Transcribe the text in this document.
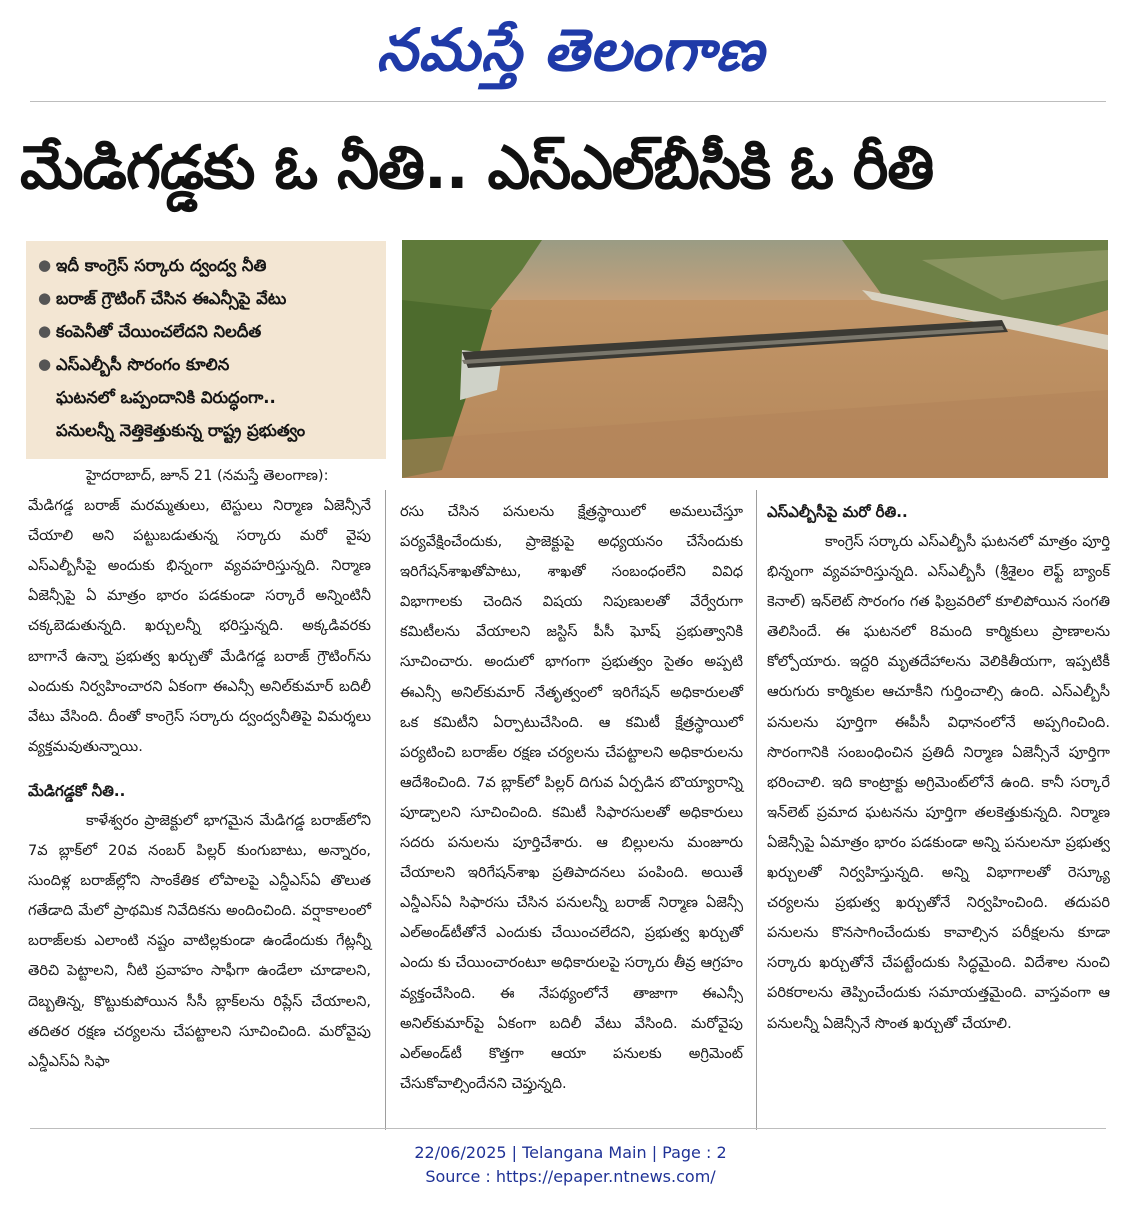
నమస్తే తెలంగాణ
మేడిగడ్డకు ఓ నీతి.. ఎస్‌ఎల్‌బీసీకి ఓ రీతి
● ఇదీ కాంగ్రెస్ సర్కారు ద్వంద్వ నీతి
● బరాజ్ గ్రౌటింగ్ చేసిన ఈఎన్సీపై వేటు
● కంపెనీతో చేయించలేదని నిలదీత
● ఎస్ఎల్బీసీ సొరంగం కూలిన
ఘటనలో ఒప్పందానికి విరుద్ధంగా..
పనులన్నీ నెత్తికెత్తుకున్న రాష్ట్ర ప్రభుత్వం

హైదరాబాద్, జూన్ 21 (నమస్తే తెలంగాణ):

మేడిగడ్డ బరాజ్ మరమ్మతులు, టెస్టులు నిర్మాణ ఏజెన్సీనే చేయాలి అని పట్టుబడుతున్న సర్కారు మరో వైపు ఎస్ఎల్బీసీపై అందుకు భిన్నంగా వ్యవహరిస్తున్నది. నిర్మాణ ఏజెన్సీపై ఏ మాత్రం భారం పడకుండా సర్కారే అన్నింటినీ చక్కబెడుతున్నది. ఖర్చులన్నీ భరిస్తున్నది. అక్కడివరకు బాగానే ఉన్నా ప్రభుత్వ ఖర్చుతో మేడిగడ్డ బరాజ్ గ్రౌటింగ్‌ను ఎందుకు నిర్వహించారని ఏకంగా ఈఎన్సీ అనిల్‌కుమార్ బదిలీ వేటు వేసింది. దీంతో కాంగ్రెస్ సర్కారు ద్వంద్వనీతిపై విమర్శలు వ్యక్తమవుతున్నాయి.

మేడిగడ్డకో నీతి..

కాళేశ్వరం ప్రాజెక్టులో భాగమైన మేడిగడ్డ బరాజ్‌లోని 7వ బ్లాక్‌లో 20వ నంబర్ పిల్లర్ కుంగుబాటు, అన్నారం, సుందిళ్ల బరాజ్‌ల్లోని సాంకేతిక లోపాలపై ఎన్డీఎస్ఏ తొలుత గతేడాది మేలో ప్రాథమిక నివేదికను అందించింది. వర్షాకాలంలో బరాజ్‌లకు ఎలాంటి నష్టం వాటిల్లకుండా ఉండేందుకు గేట్లన్నీ తెరిచి పెట్టాలని, నీటి ప్రవాహం సాఫీగా ఉండేలా చూడాలని, దెబ్బతిన్న, కొట్టుకుపోయిన సీసీ బ్లాక్‌లను రిప్లేస్ చేయాలని, తదితర రక్షణ చర్యలను చేపట్టాలని సూచించింది. మరోవైపు ఎన్డీఎస్ఏ సిఫా

రసు చేసిన పనులను క్షేత్రస్థాయిలో అమలుచేస్తూ పర్యవేక్షించేందుకు, ప్రాజెక్టుపై అధ్యయనం చేసేందుకు ఇరిగేషన్‌శాఖతోపాటు, శాఖతో సంబంధంలేని వివిధ విభాగాలకు చెందిన విషయ నిపుణులతో వేర్వేరుగా కమిటీలను వేయాలని జస్టిస్ పీసీ ఘోష్ ప్రభుత్వానికి సూచించారు. అందులో భాగంగా ప్రభుత్వం సైతం అప్పటి ఈఎన్సీ అనిల్‌కుమార్ నేతృత్వంలో ఇరిగేషన్ అధికారులతో ఒక కమిటీని ఏర్పాటుచేసింది. ఆ కమిటీ క్షేత్రస్థాయిలో పర్యటించి బరాజ్‌ల రక్షణ చర్యలను చేపట్టాలని అధికారులను ఆదేశించింది. 7వ బ్లాక్‌లో పిల్లర్ దిగువ ఏర్పడిన బొయ్యారాన్ని పూడ్చాలని సూచించింది. కమిటీ సిఫారసులతో అధికారులు సదరు పనులను పూర్తిచేశారు. ఆ బిల్లులను మంజూరు చేయాలని ఇరిగేషన్‌శాఖ ప్రతిపాదనలు పంపింది. అయితే ఎన్డీఎస్ఏ సిఫారసు చేసిన పనులన్నీ బరాజ్ నిర్మాణ ఏజెన్సీ ఎల్అండ్‌టీతోనే ఎందుకు చేయించలేదని, ప్రభుత్వ ఖర్చుతో ఎందు కు చేయించారంటూ అధికారులపై సర్కారు తీవ్ర ఆగ్రహం వ్యక్తంచేసింది. ఈ నేపథ్యంలోనే తాజాగా ఈఎన్సీ అనిల్‌కుమార్‌పై ఏకంగా బదిలీ వేటు వేసింది. మరోవైపు ఎల్అండ్‌టీ కొత్తగా ఆయా పనులకు అగ్రిమెంట్ చేసుకోవాల్సిందేనని చెప్తున్నది.

ఎస్ఎల్బీసీపై మరో రీతి..

కాంగ్రెస్ సర్కారు ఎస్ఎల్బీసీ ఘటనలో మాత్రం పూర్తి భిన్నంగా వ్యవహరిస్తున్నది. ఎస్ఎల్బీసీ (శ్రీశైలం లెఫ్ట్ బ్యాంక్ కెనాల్) ఇన్‌లెట్ సొరంగం గత ఫిబ్రవరిలో కూలిపోయిన సంగతి తెలిసిందే. ఈ ఘటనలో 8మంది కార్మికులు ప్రాణాలను కోల్పోయారు. ఇద్దరి మృతదేహాలను వెలికితీయగా, ఇప్పటికీ ఆరుగురు కార్మికుల ఆచూకీని గుర్తించాల్సి ఉంది. ఎస్ఎల్బీసీ పనులను పూర్తిగా ఈపీసీ విధానంలోనే అప్పగించింది. సొరంగానికి సంబంధించిన ప్రతిదీ నిర్మాణ ఏజెన్సీనే పూర్తిగా భరించాలి. ఇది కాంట్రాక్టు అగ్రిమెంట్‌లోనే ఉంది. కానీ సర్కారే ఇన్‌లెట్ ప్రమాద ఘటనను పూర్తిగా తలకెత్తుకున్నది. నిర్మాణ ఏజెన్సీపై ఏమాత్రం భారం పడకుండా అన్ని పనులనూ ప్రభుత్వ ఖర్చులతో నిర్వహిస్తున్నది. అన్ని విభాగాలతో రెస్క్యూ చర్యలను ప్రభుత్వ ఖర్చుతోనే నిర్వహించింది. తదుపరి పనులను కొనసాగించేందుకు కావాల్సిన పరీక్షలను కూడా సర్కారు ఖర్చుతోనే చేపట్టేందుకు సిద్ధమైంది. విదేశాల నుంచి పరికరాలను తెప్పించేందుకు సమాయత్తమైంది. వాస్తవంగా ఆ పనులన్నీ ఏజెన్సీనే సొంత ఖర్చుతో చేయాలి.

22/06/2025 | Telangana Main | Page : 2
Source : https://epaper.ntnews.com/
